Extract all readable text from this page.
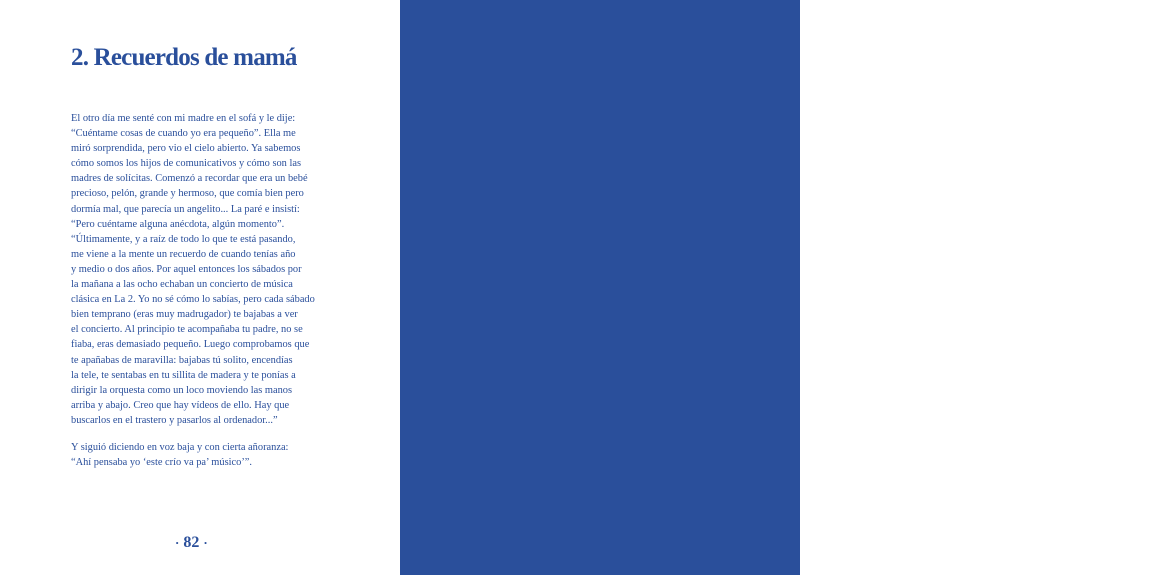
2. Recuerdos de mamá
El otro día me senté con mi madre en el sofá y le dije:
“Cuéntame cosas de cuando yo era pequeño”. Ella me
miró sorprendida, pero vio el cielo abierto. Ya sabemos
cómo somos los hijos de comunicativos y cómo son las
madres de solícitas. Comenzó a recordar que era un bebé
precioso, pelón, grande y hermoso, que comía bien pero
dormía mal, que parecía un angelito... La paré e insistí:
“Pero cuéntame alguna anécdota, algún momento”.
“Últimamente, y a raíz de todo lo que te está pasando,
me viene a la mente un recuerdo de cuando tenías año
y medio o dos años. Por aquel entonces los sábados por
la mañana a las ocho echaban un concierto de música
clásica en La 2. Yo no sé cómo lo sabías, pero cada sábado
bien temprano (eras muy madrugador) te bajabas a ver
el concierto. Al principio te acompañaba tu padre, no se
fiaba, eras demasiado pequeño. Luego comprobamos que
te apañabas de maravilla: bajabas tú solito, encendías
la tele, te sentabas en tu sillita de madera y te ponías a
dirigir la orquesta como un loco moviendo las manos
arriba y abajo. Creo que hay vídeos de ello. Hay que
buscarlos en el trastero y pasarlos al ordenador...”
Y siguió diciendo en voz baja y con cierta añoranza:
“Ahí pensaba yo ‘este crío va pa’ músico’”.
· 82 ·
“
Cuéntame cosas
de cuando yo era pequeño.
”
